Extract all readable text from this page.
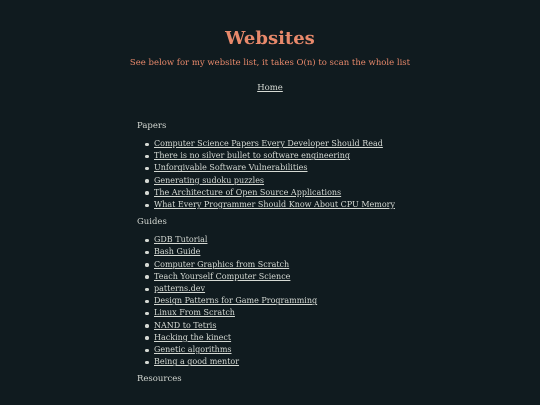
Websites

See below for my website list, it takes O(n) to scan the whole list

Home
Papers
Computer Science Papers Every Developer Should Read
There is no silver bullet to software engineering
Unforgivable Software Vulnerabilities
Generating sudoku puzzles
The Architecture of Open Source Applications
What Every Programmer Should Know About CPU Memory
Guides
GDB Tutorial
Bash Guide
Computer Graphics from Scratch
Teach Yourself Computer Science
patterns.dev
Design Patterns for Game Programming
Linux From Scratch
NAND to Tetris
Hacking the kinect
Genetic algorithms
Being a good mentor
Resources
